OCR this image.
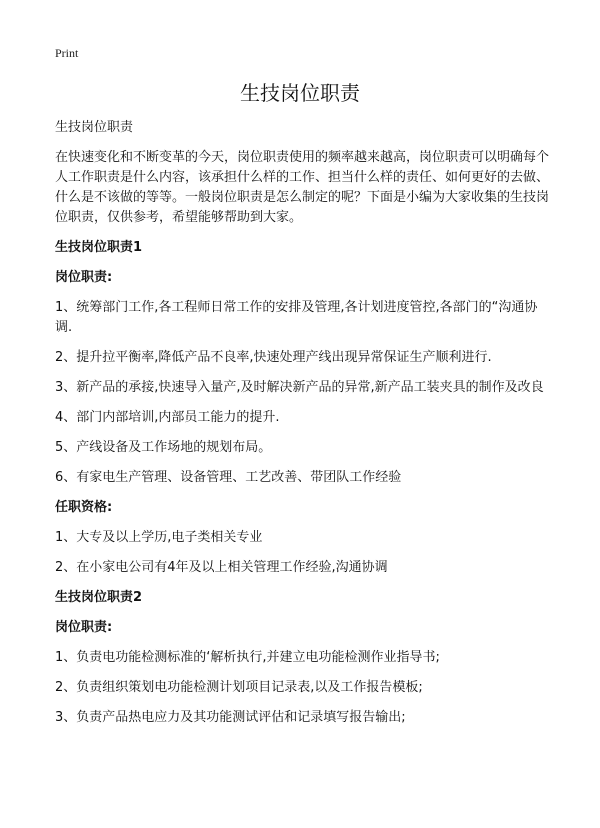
Print
生技岗位职责

生技岗位职责

在快速变化和不断变革的今天，岗位职责使用的频率越来越高，岗位职责可以明确每个人工作职责是什么内容，该承担什么样的工作、担当什么样的责任、如何更好的去做、什么是不该做的等等。一般岗位职责是怎么制定的呢？下面是小编为大家收集的生技岗位职责，仅供参考，希望能够帮助到大家。

生技岗位职责1

岗位职责:

1、统筹部门工作,各工程师日常工作的安排及管理,各计划进度管控,各部门的“沟通协调.

2、提升拉平衡率,降低产品不良率,快速处理产线出现异常保证生产顺利进行.

3、新产品的承接,快速导入量产,及时解决新产品的异常,新产品工装夹具的制作及改良

4、部门内部培训,内部员工能力的提升.

5、产线设备及工作场地的规划布局。

6、有家电生产管理、设备管理、工艺改善、带团队工作经验

任职资格:

1、大专及以上学历,电子类相关专业

2、在小家电公司有4年及以上相关管理工作经验,沟通协调

生技岗位职责2

岗位职责:

1、负责电功能检测标准的‘解析执行,并建立电功能检测作业指导书;

2、负责组织策划电功能检测计划项目记录表,以及工作报告模板;

3、负责产品热电应力及其功能测试评估和记录填写报告输出;
